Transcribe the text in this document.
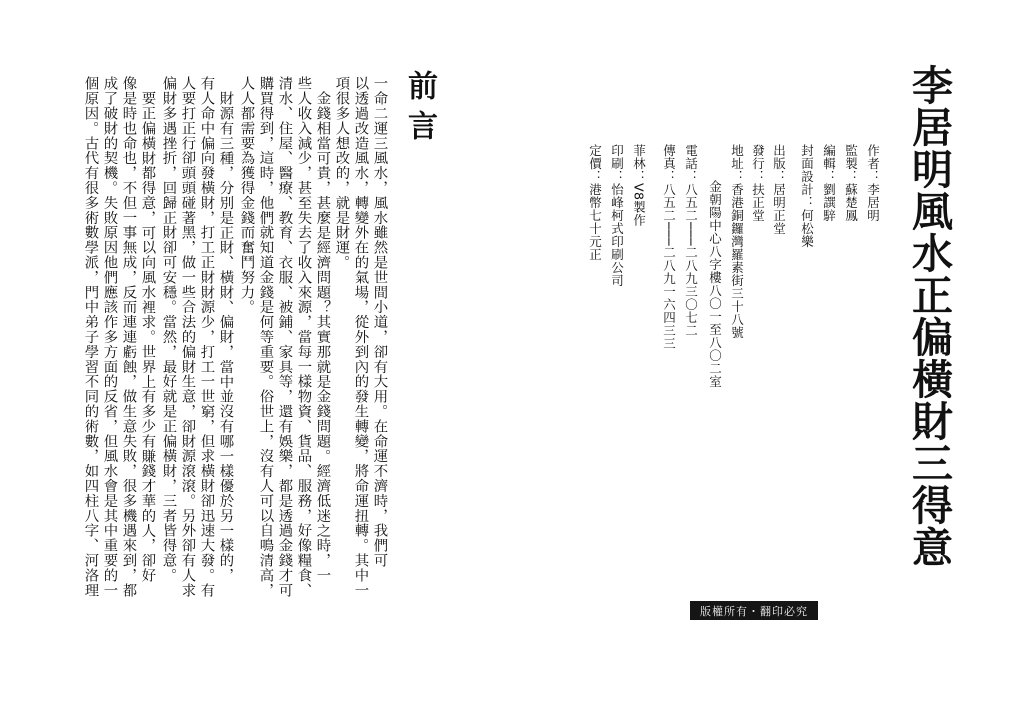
李居明風水正偏橫財三得意
作者：李居明
監製：蘇楚鳳
編輯：劉譔騂
封面設計：何松樂
出版：居明正堂
發行：扶正堂
地址：香港銅鑼灣羅素街三十八號
金朝陽中心八字樓八〇一至八〇二室
電話：八五二───二八九三〇七二
傳真：八五二───二八九一六四三三
菲林：V8製作
印刷：怡峰柯式印刷公司
定價：港幣七十元正
版權所有・翻印必究
前言
一命二運三風水，風水雖然是世間小道，卻有大用。在命運不濟時，我們可
以透過改造風水，轉變外在的氣場，從外到內的發生轉變，將命運扭轉。其中一
項很多人想改的，就是財運。
金錢相當可貴，甚麼是經濟問題？其實那就是金錢問題。經濟低迷之時，一
些人收入減少，甚至失去了收入來源，當每一樣物資、貨品、服務，好像糧食、
清水、住屋、醫療、教育、衣服、被鋪、家具等，還有娛樂，都是透過金錢才可
購買得到，這時，他們就知道金錢是何等重要。俗世上，沒有人可以自鳴清高，
人人都需要為獲得金錢而奮鬥努力。
財源有三種，分別是正財、橫財、偏財，當中並沒有哪一樣優於另一樣的，
有人命中偏向發橫財，打工正財財源少，打工一世窮，但求橫財卻迅速大發。有
人要打正行卻頭頭碰著黑，做一些合法的偏財生意，卻財源滾滾。另外卻有人求
偏財多遇挫折，回歸正財卻可安穩。當然，最好就是正偏橫財，三者皆得意。
要正偏橫財都得意，可以向風水裡求。世界上有多少有賺錢才華的人，卻好
像是時也命也，不但一事無成，反而連連虧蝕，做生意失敗，很多機遇來到，都
成了破財的契機。失敗原因他們應該作多方面的反省，但風水會是其中重要的一
個原因。古代有很多術數學派，門中弟子學習不同的術數，如四柱八字、河洛理
